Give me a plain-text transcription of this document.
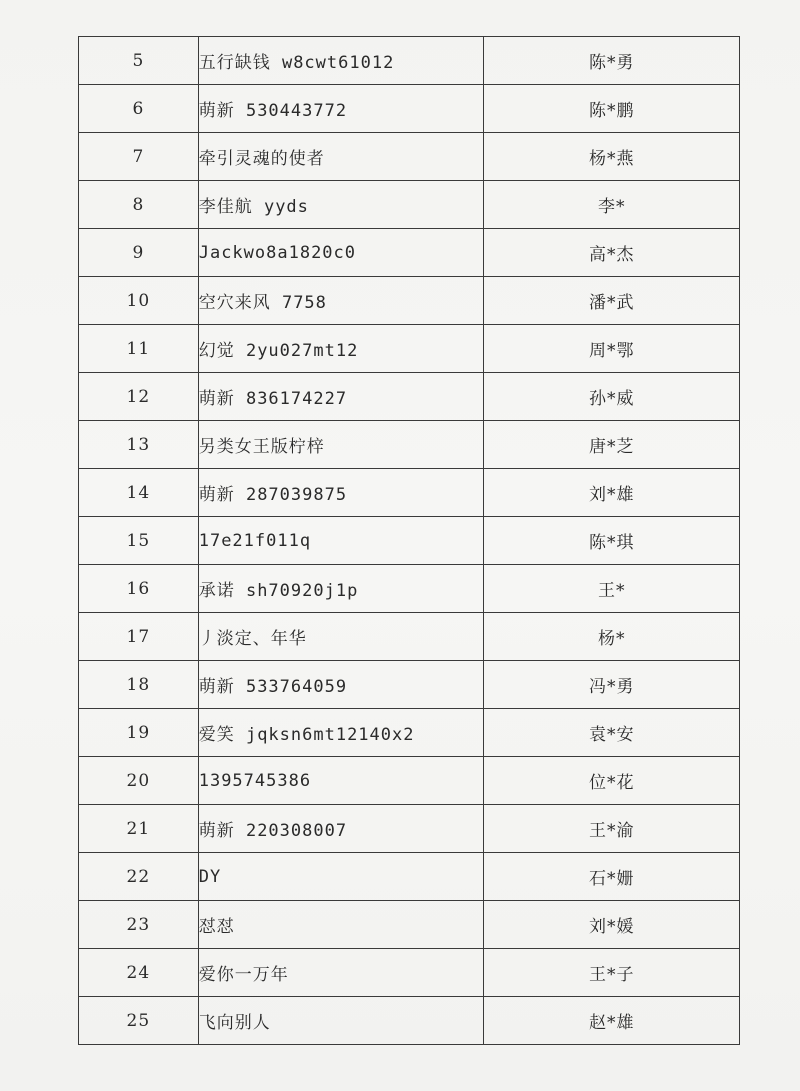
5	五行缺钱 w8cwt61012	陈*勇
6	萌新 530443772	陈*鹏
7	牵引灵魂的使者	杨*燕
8	李佳航 yyds	李*
9	Jackwo8a1820c0	高*杰
10	空穴来风 7758	潘*武
11	幻觉 2yu027mt12	周*鄂
12	萌新 836174227	孙*威
13	另类女王版柠梓	唐*芝
14	萌新 287039875	刘*雄
15	17e21f011q	陈*琪
16	承诺 sh70920j1p	王*
17	丿淡定、年华	杨*
18	萌新 533764059	冯*勇
19	爱笑 jqksn6mt12140x2	袁*安
20	1395745386	位*花
21	萌新 220308007	王*渝
22	DY	石*姗
23	怼怼	刘*媛
24	爱你一万年	王*子
25	飞向别人	赵*雄
